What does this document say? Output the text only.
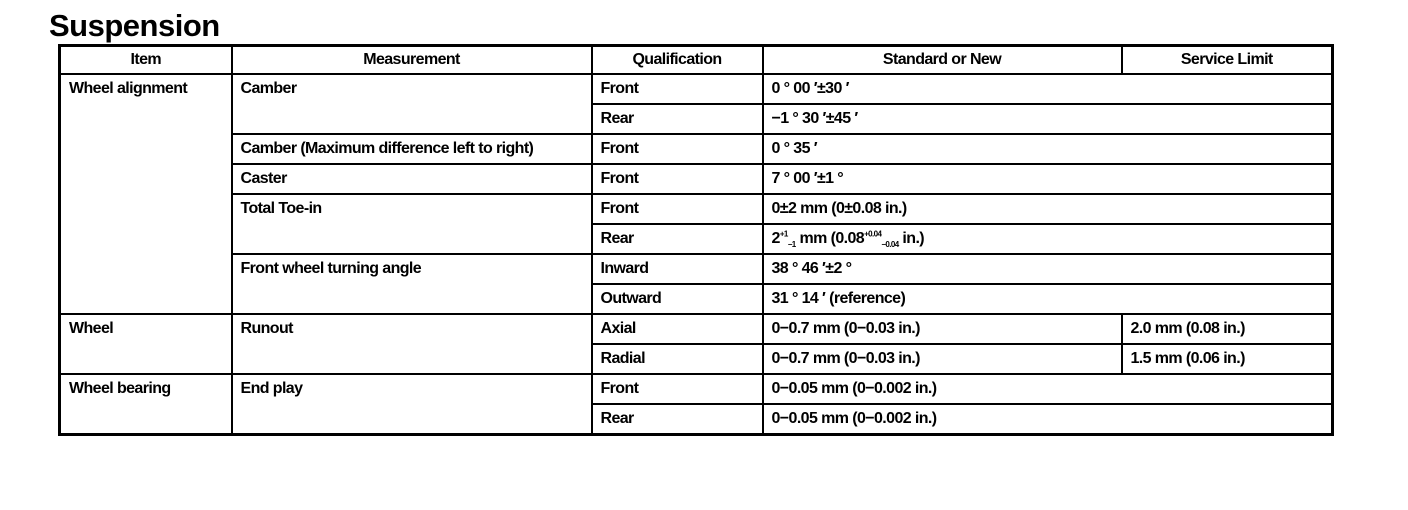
Suspension
Item	Measurement	Qualification	Standard or New	Service Limit
Wheel alignment	Camber	Front	0 ° 00 ′±30 ′	
		Rear	−1 ° 30 ′±45 ′	
	Camber (Maximum difference left to right)	Front	0 ° 35 ′	
	Caster	Front	7 ° 00 ′±1 °	
	Total Toe-in	Front	0±2 mm (0±0.08 in.)	
		Rear	$2^{+1}_{-1}$ mm ($0.08^{+0.04}_{-0.04}$ in.)	
	Front wheel turning angle	Inward	38 ° 46 ′±2 °	
		Outward	31 ° 14 ′ (reference)	
Wheel	Runout	Axial	0−0.7 mm (0−0.03 in.)	2.0 mm (0.08 in.)
		Radial	0−0.7 mm (0−0.03 in.)	1.5 mm (0.06 in.)
Wheel bearing	End play	Front	0−0.05 mm (0−0.002 in.)	
		Rear	0−0.05 mm (0−0.002 in.)	
